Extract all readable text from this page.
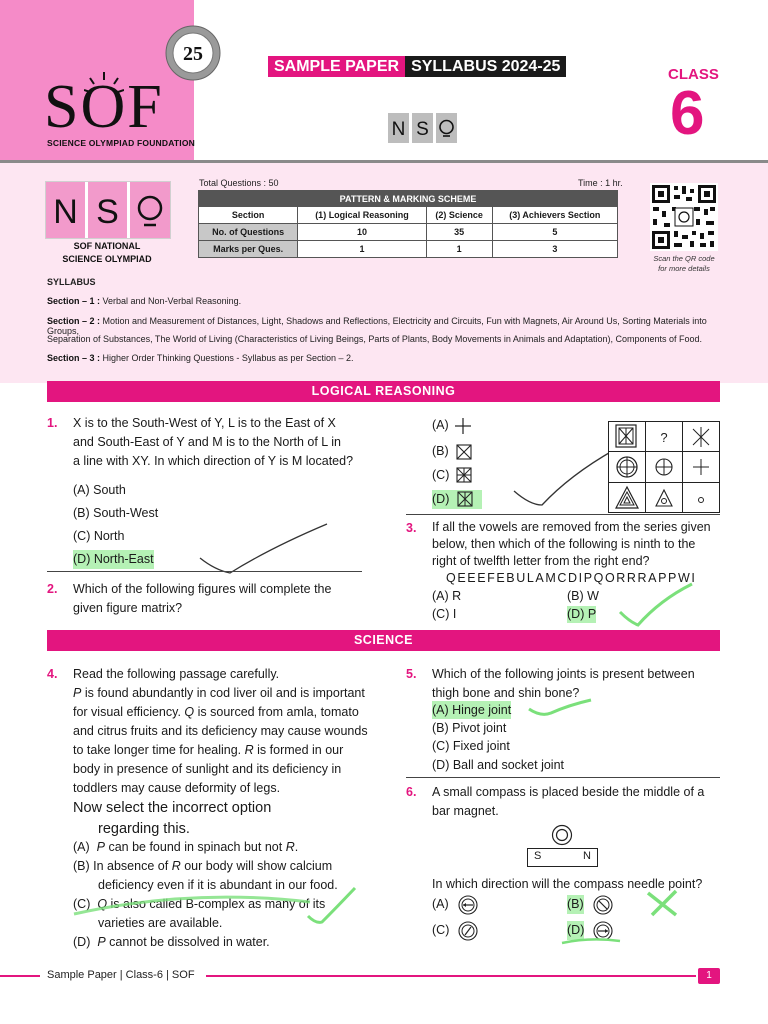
SOF
SCIENCE OLYMPIAD FOUNDATION
25
SAMPLE PAPER SYLLABUS 2024-25	CLASS
6
N S
N S
SOF NATIONAL
SCIENCE OLYMPIAD
Total Questions : 50	Time : 1 hr.
PATTERN & MARKING SCHEME			
Section	(1) Logical Reasoning	(2) Science	(3) Achievers Section
No. of Questions	10	35	5
Marks per Ques.	1	1	3
Scan the QR code
for more details
SYLLABUS
Section – 1 : Verbal and Non-Verbal Reasoning.
Section – 2 : Motion and Measurement of Distances, Light, Shadows and Reflections, Electricity and Circuits, Fun with Magnets, Air Around Us, Sorting Materials into Groups,
Separation of Substances, The World of Living (Characteristics of Living Beings, Parts of Plants, Body Movements in Animals and Adaptation), Components of Food.
Section – 3 : Higher Order Thinking Questions - Syllabus as per Section – 2.
LOGICAL REASONING
1. X is to the South-West of Y, L is to the East of X
and South-East of Y and M is to the North of L in
a line with XY. In which direction of Y is M located?
(A) South
(B) South-West
(C) North
(D) North-East
2. Which of the following figures will complete the
given figure matrix?
(A)
(B)
(C)
(D)
?
3. If all the vowels are removed from the series given
below, then which of the following is ninth to the
right of twelfth letter from the right end?
QEEEFEBULAMCDIPQORRRAPPWI
(A) R	(B) W
(C) I	(D) P
SCIENCE
4. Read the following passage carefully.
P is found abundantly in cod liver oil and is important
for visual efficiency. Q is sourced from amla, tomato
and citrus fruits and its deficiency may cause wounds
to take longer time for healing. R is formed in our
body in presence of sunlight and its deficiency in
toddlers may cause deformity of legs.
Now select the incorrect option
regarding this.
(A) P can be found in spinach but not R.
(B) In absence of R our body will show calcium
deficiency even if it is abundant in our food.
(C) Q is also called B-complex as many of its
varieties are available.
(D) P cannot be dissolved in water.
5. Which of the following joints is present between
thigh bone and shin bone?
(A) Hinge joint
(B) Pivot joint
(C) Fixed joint
(D) Ball and socket joint
6. A small compass is placed beside the middle of a
bar magnet.
S	N
In which direction will the compass needle point?
(A)	(B)
(C)	(D)
Sample Paper | Class-6 | SOF	1
